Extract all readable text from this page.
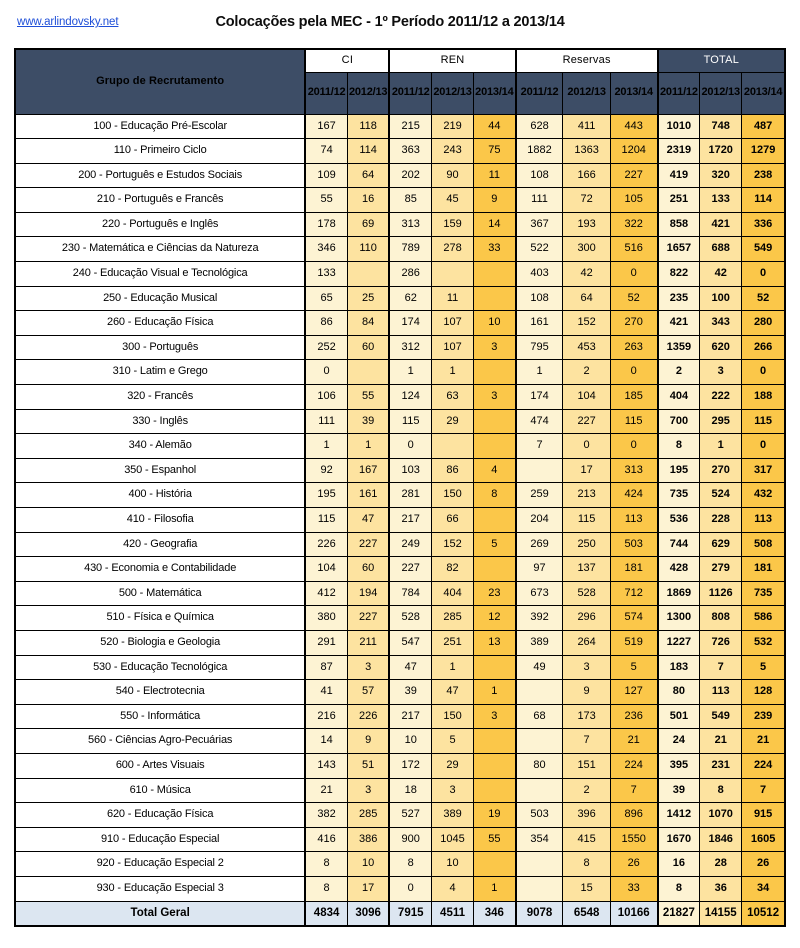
www.arlindovsky.net	Colocações pela MEC - 1º Período 2011/12 a 2013/14
Grupo de Recrutamento	CI		REN			Reservas			TOTAL		
	2011/12	2012/13	2011/12	2012/13	2013/14	2011/12	2012/13	2013/14	2011/12	2012/13	2013/14
100 - Educação Pré-Escolar	167	118	215	219	44	628	411	443	1010	748	487
110 - Primeiro Ciclo	74	114	363	243	75	1882	1363	1204	2319	1720	1279
200 - Português e Estudos Sociais	109	64	202	90	11	108	166	227	419	320	238
210 - Português e Francês	55	16	85	45	9	111	72	105	251	133	114
220 - Português e Inglês	178	69	313	159	14	367	193	322	858	421	336
230 - Matemática e Ciências da Natureza	346	110	789	278	33	522	300	516	1657	688	549
240 - Educação Visual e Tecnológica	133		286			403	42	0	822	42	0
250 - Educação Musical	65	25	62	11		108	64	52	235	100	52
260 - Educação Física	86	84	174	107	10	161	152	270	421	343	280
300 - Português	252	60	312	107	3	795	453	263	1359	620	266
310 - Latim e Grego	0		1	1		1	2	0	2	3	0
320 - Francês	106	55	124	63	3	174	104	185	404	222	188
330 - Inglês	111	39	115	29		474	227	115	700	295	115
340 - Alemão	1	1	0			7	0	0	8	1	0
350 - Espanhol	92	167	103	86	4		17	313	195	270	317
400 - História	195	161	281	150	8	259	213	424	735	524	432
410 - Filosofia	115	47	217	66		204	115	113	536	228	113
420 - Geografia	226	227	249	152	5	269	250	503	744	629	508
430 - Economia e Contabilidade	104	60	227	82		97	137	181	428	279	181
500 - Matemática	412	194	784	404	23	673	528	712	1869	1126	735
510 - Física e Química	380	227	528	285	12	392	296	574	1300	808	586
520 - Biologia e Geologia	291	211	547	251	13	389	264	519	1227	726	532
530 - Educação Tecnológica	87	3	47	1		49	3	5	183	7	5
540 - Electrotecnia	41	57	39	47	1		9	127	80	113	128
550 - Informática	216	226	217	150	3	68	173	236	501	549	239
560 - Ciências Agro-Pecuárias	14	9	10	5			7	21	24	21	21
600 - Artes Visuais	143	51	172	29		80	151	224	395	231	224
610 - Música	21	3	18	3			2	7	39	8	7
620 - Educação Física	382	285	527	389	19	503	396	896	1412	1070	915
910 - Educação Especial	416	386	900	1045	55	354	415	1550	1670	1846	1605
920 - Educação Especial 2	8	10	8	10			8	26	16	28	26
930 - Educação Especial 3	8	17	0	4	1		15	33	8	36	34
Total Geral	4834	3096	7915	4511	346	9078	6548	10166	21827	14155	10512
